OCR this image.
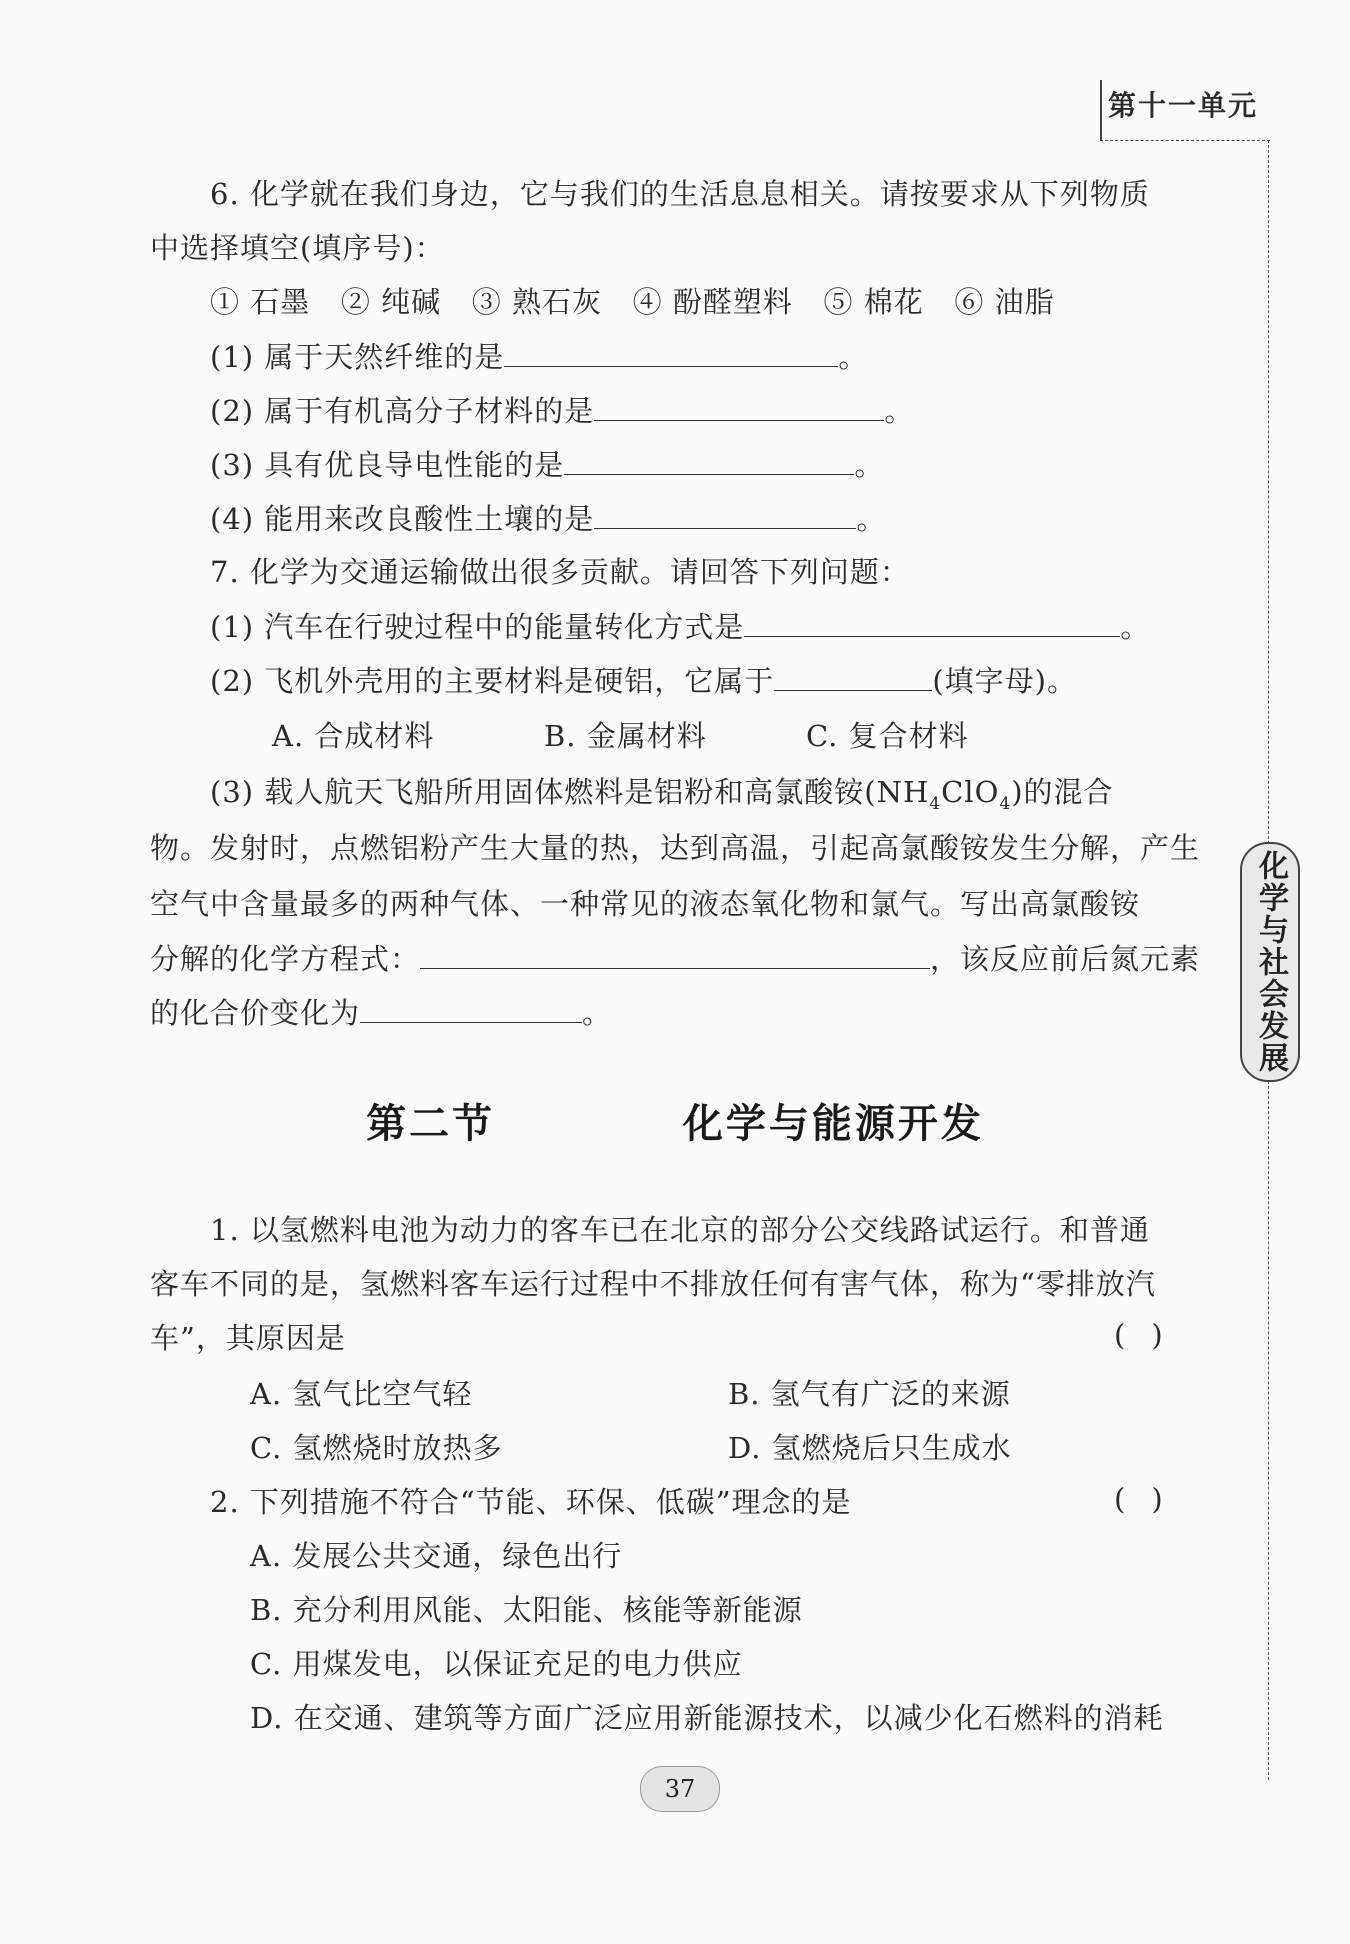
第十一单元
化学与社会发展
6. 化学就在我们身边，它与我们的生活息息相关。请按要求从下列物质
中选择填空(填序号)：
① 石墨   ② 纯碱   ③ 熟石灰   ④ 酚醛塑料   ⑤ 棉花   ⑥ 油脂
(1) 属于天然纤维的是	。
(2) 属于有机高分子材料的是	。
(3) 具有优良导电性能的是	。
(4) 能用来改良酸性土壤的是	。
7. 化学为交通运输做出很多贡献。请回答下列问题：
(1) 汽车在行驶过程中的能量转化方式是	。
(2) 飞机外壳用的主要材料是硬铝，它属于	(填字母)。
A. 合成材料	B. 金属材料	C. 复合材料
(3) 载人航天飞船所用固体燃料是铝粉和高氯酸铵$(NH_4ClO_4)$的混合
物。发射时，点燃铝粉产生大量的热，达到高温，引起高氯酸铵发生分解，产生
空气中含量最多的两种气体、一种常见的液态氧化物和氯气。写出高氯酸铵
分解的化学方程式：	，该反应前后氮元素
的化合价变化为	。
第二节    化学与能源开发
1. 以氢燃料电池为动力的客车已在北京的部分公交线路试运行。和普通
客车不同的是，氢燃料客车运行过程中不排放任何有害气体，称为“零排放汽
车”，其原因是	()
A. 氢气比空气轻	B. 氢气有广泛的来源
C. 氢燃烧时放热多	D. 氢燃烧后只生成水
2. 下列措施不符合“节能、环保、低碳”理念的是	()
A. 发展公共交通，绿色出行
B. 充分利用风能、太阳能、核能等新能源
C. 用煤发电，以保证充足的电力供应
D. 在交通、建筑等方面广泛应用新能源技术，以减少化石燃料的消耗
37
